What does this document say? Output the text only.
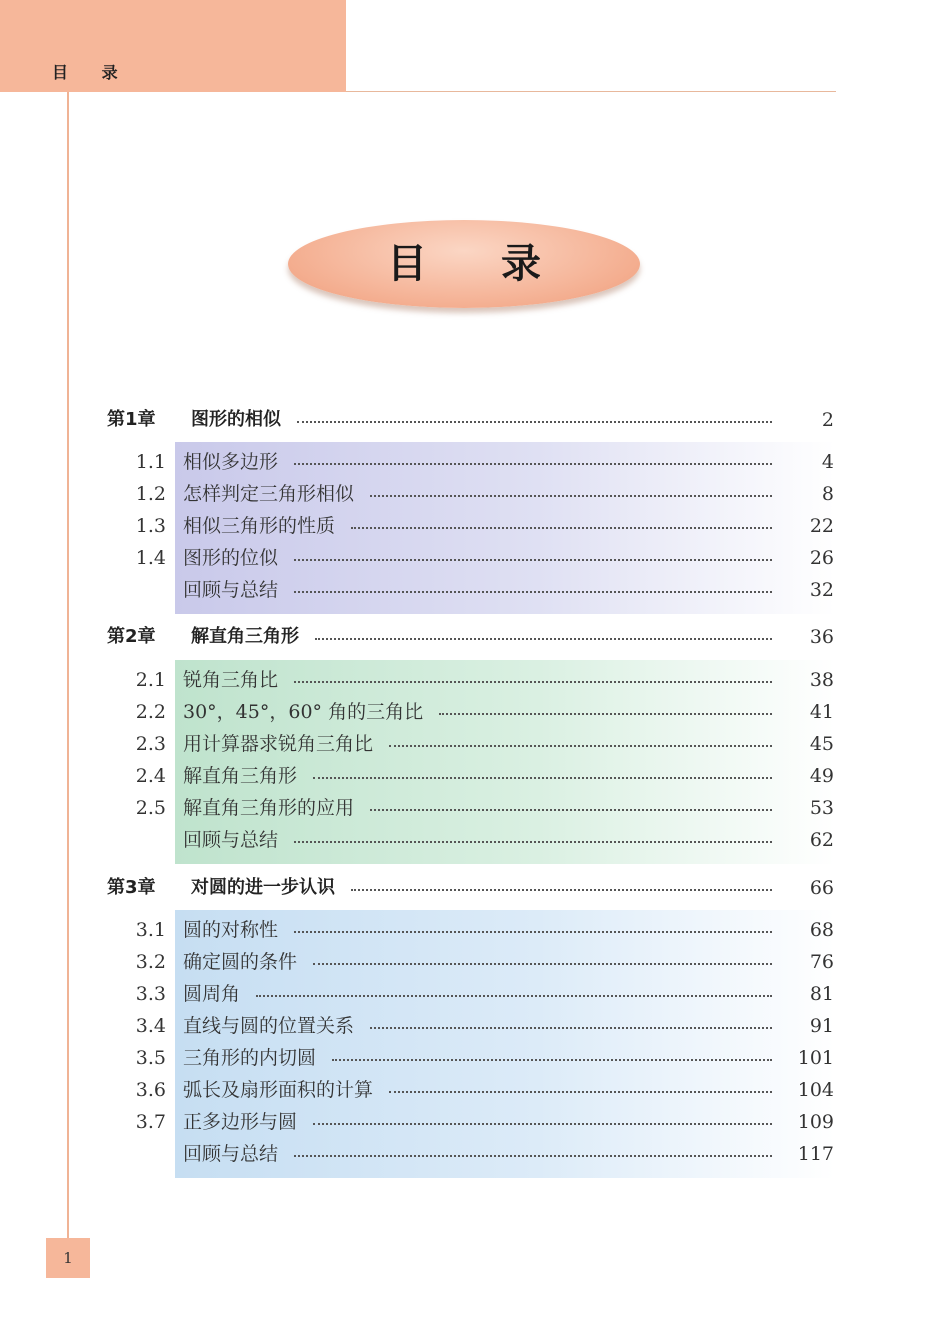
目 录
目 录
第1章 图形的相似	2
1.1 相似多边形	4
1.2 怎样判定三角形相似	8
1.3 相似三角形的性质	22
1.4 图形的位似	26
回顾与总结	32
第2章 解直角三角形	36
2.1 锐角三角比	38
2.2 30°，45°，60° 角的三角比	41
2.3 用计算器求锐角三角比	45
2.4 解直角三角形	49
2.5 解直角三角形的应用	53
回顾与总结	62
第3章 对圆的进一步认识	66
3.1 圆的对称性	68
3.2 确定圆的条件	76
3.3 圆周角	81
3.4 直线与圆的位置关系	91
3.5 三角形的内切圆	101
3.6 弧长及扇形面积的计算	104
3.7 正多边形与圆	109
回顾与总结	117
1
